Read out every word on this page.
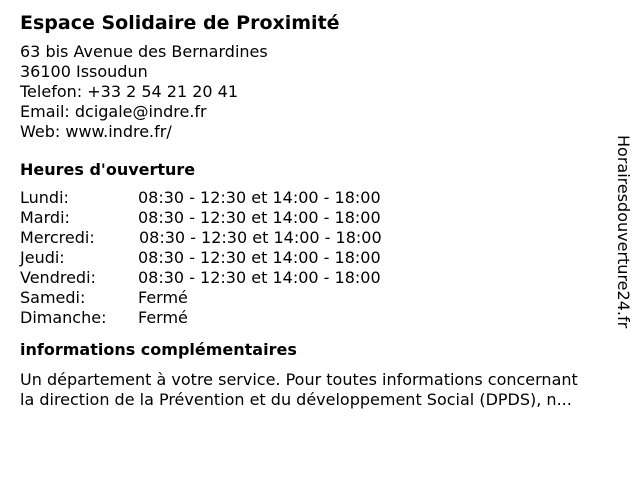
Espace Solidaire de Proximité
63 bis Avenue des Bernardines
36100 Issoudun
Telefon: +33 2 54 21 20 41
Email: dcigale@indre.fr
Web: www.indre.fr/
Heures d'ouverture
Lundi:	08:30 - 12:30 et 14:00 - 18:00
Mardi:	08:30 - 12:30 et 14:00 - 18:00
Mercredi:	08:30 - 12:30 et 14:00 - 18:00
Jeudi:	08:30 - 12:30 et 14:00 - 18:00
Vendredi:	08:30 - 12:30 et 14:00 - 18:00
Samedi:	Fermé
Dimanche:	Fermé
informations complémentaires
Un département à votre service. Pour toutes informations concernant
la direction de la Prévention et du développement Social (DPDS), n...
Horairesdouverture24.fr
